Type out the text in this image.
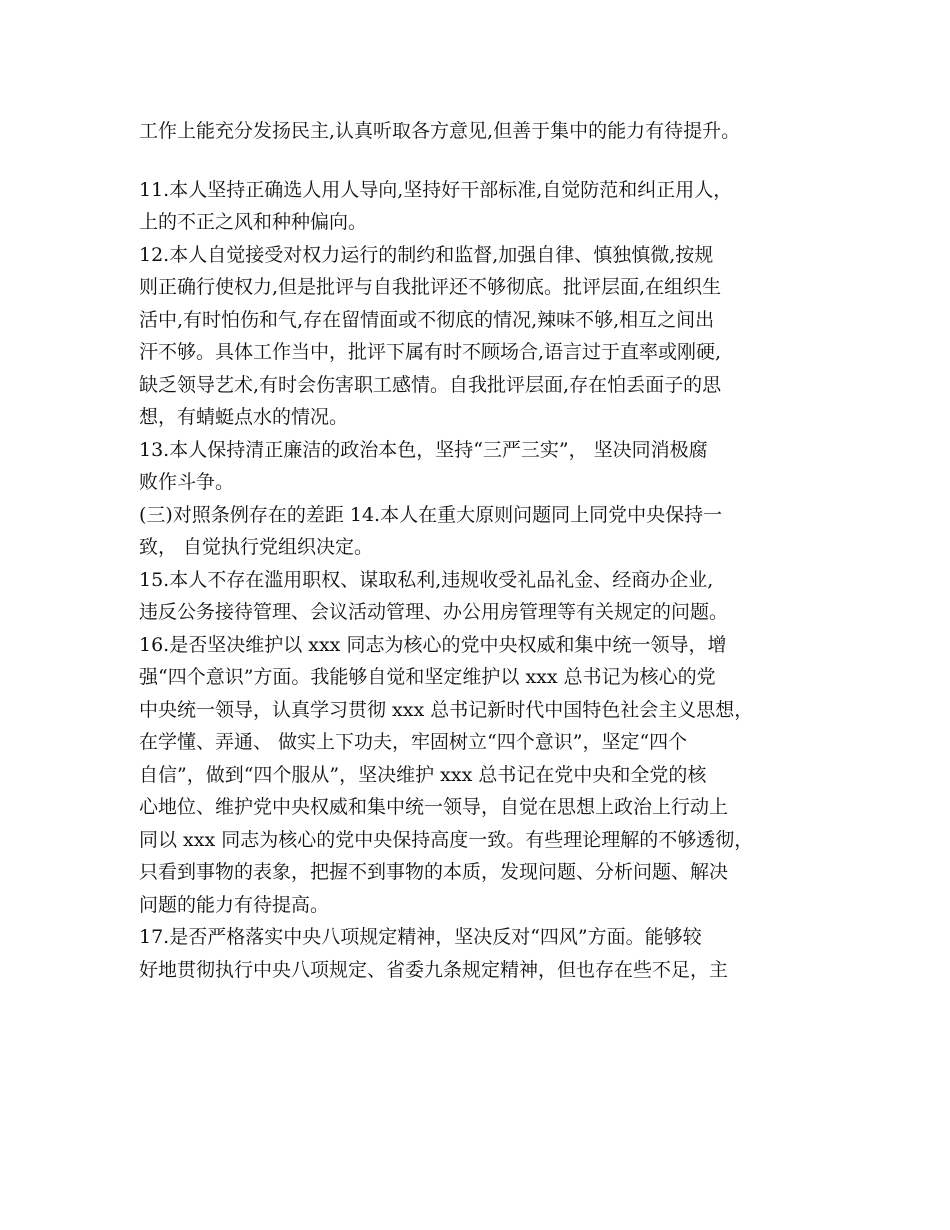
工作上能充分发扬民主,认真听取各方意见,但善于集中的能力有待提升。
11.本人坚持正确选人用人导向,坚持好干部标准,自觉防范和纠正用人，
上的不正之风和种种偏向。
12.本人自觉接受对权力运行的制约和监督,加强自律、慎独慎微,按规
则正确行使权力,但是批评与自我批评还不够彻底。批评层面,在组织生
活中,有时怕伤和气,存在留情面或不彻底的情况,辣味不够,相互之间出
汗不够。具体工作当中，批评下属有时不顾场合,语言过于直率或刚硬,
缺乏领导艺术,有时会伤害职工感情。自我批评层面,存在怕丢面子的思
想，有蜻蜓点水的情况。
13.本人保持清正廉洁的政治本色，坚持“三严三实”， 坚决同消极腐
败作斗争。
(三)对照条例存在的差距 14.本人在重大原则问题同上同党中央保持一
致， 自觉执行党组织决定。
15.本人不存在滥用职权、谋取私利,违规收受礼品礼金、经商办企业,
违反公务接待管理、会议活动管理、办公用房管理等有关规定的问题。
16.是否坚决维护以 xxx 同志为核心的党中央权威和集中统一领导，增
强“四个意识”方面。我能够自觉和坚定维护以 xxx 总书记为核心的党
中央统一领导，认真学习贯彻 xxx 总书记新时代中国特色社会主义思想，
在学懂、弄通、 做实上下功夫，牢固树立“四个意识”，坚定“四个
自信”，做到“四个服从”，坚决维护 xxx 总书记在党中央和全党的核
心地位、维护党中央权威和集中统一领导，自觉在思想上政治上行动上
同以 xxx 同志为核心的党中央保持高度一致。有些理论理解的不够透彻，
只看到事物的表象，把握不到事物的本质，发现问题、分析问题、解决
问题的能力有待提高。
17.是否严格落实中央八项规定精神，坚决反对“四风”方面。能够较
好地贯彻执行中央八项规定、省委九条规定精神，但也存在些不足，主
